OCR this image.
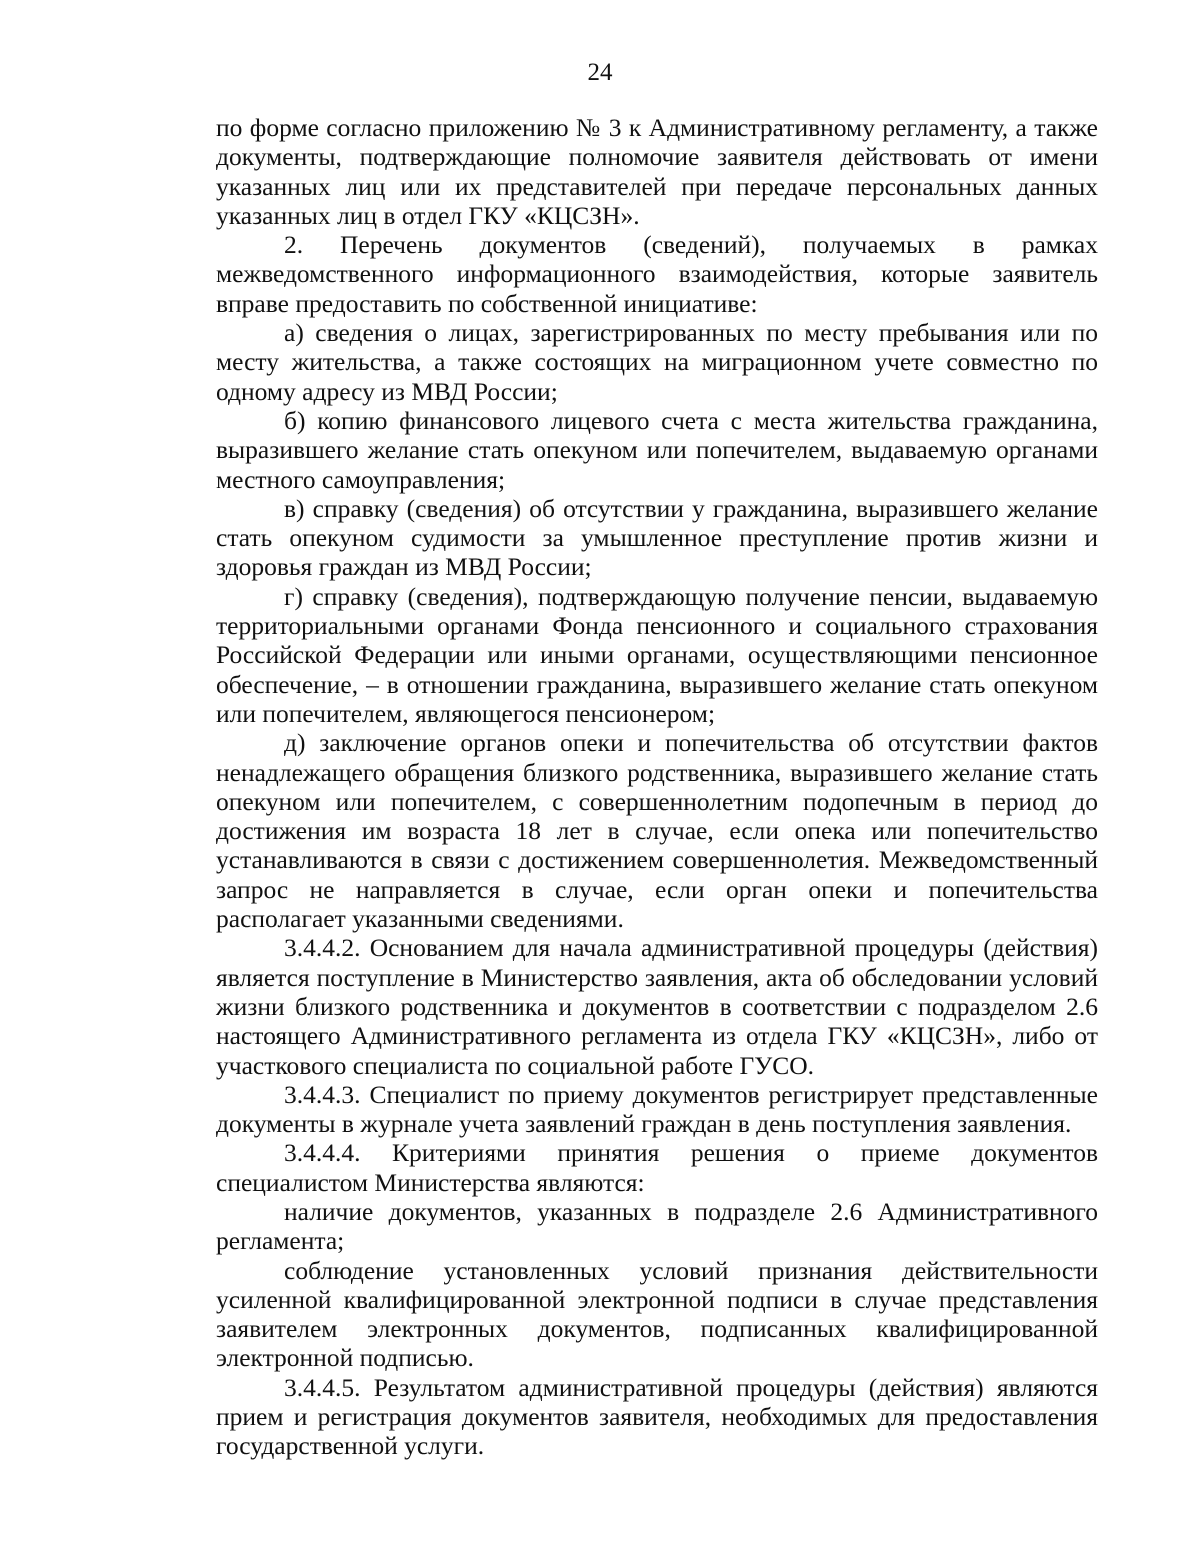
24

по форме согласно приложению № 3 к Административному регламенту, а также документы, подтверждающие полномочие заявителя действовать от имени указанных лиц или их представителей при передаче персональных данных указанных лиц в отдел ГКУ «КЦСЗН».

2. Перечень документов (сведений), получаемых в рамках межведомственного информационного взаимодействия, которые заявитель вправе предоставить по собственной инициативе:

а) сведения о лицах, зарегистрированных по месту пребывания или по месту жительства, а также состоящих на миграционном учете совместно по одному адресу из МВД России;

б) копию финансового лицевого счета с места жительства гражданина, выразившего желание стать опекуном или попечителем, выдаваемую органами местного самоуправления;

в) справку (сведения) об отсутствии у гражданина, выразившего желание стать опекуном судимости за умышленное преступление против жизни и здоровья граждан из МВД России;

г) справку (сведения), подтверждающую получение пенсии, выдаваемую территориальными органами Фонда пенсионного и социального страхования Российской Федерации или иными органами, осуществляющими пенсионное обеспечение, – в отношении гражданина, выразившего желание стать опекуном или попечителем, являющегося пенсионером;

д) заключение органов опеки и попечительства об отсутствии фактов ненадлежащего обращения близкого родственника, выразившего желание стать опекуном или попечителем, с совершеннолетним подопечным в период до достижения им возраста 18 лет в случае, если опека или попечительство устанавливаются в связи с достижением совершеннолетия. Межведомственный запрос не направляется в случае, если орган опеки и попечительства располагает указанными сведениями.

3.4.4.2. Основанием для начала административной процедуры (действия) является поступление в Министерство заявления, акта об обследовании условий жизни близкого родственника и документов в соответствии с подразделом 2.6 настоящего Административного регламента из отдела ГКУ «КЦСЗН», либо от участкового специалиста по социальной работе ГУСО.

3.4.4.3. Специалист по приему документов регистрирует представленные документы в журнале учета заявлений граждан в день поступления заявления.

3.4.4.4. Критериями принятия решения о приеме документов специалистом Министерства являются:

наличие документов, указанных в подразделе 2.6 Административного регламента;

соблюдение установленных условий признания действительности усиленной квалифицированной электронной подписи в случае представления заявителем электронных документов, подписанных квалифицированной электронной подписью.

3.4.4.5. Результатом административной процедуры (действия) являются прием и регистрация документов заявителя, необходимых для предоставления государственной услуги.
